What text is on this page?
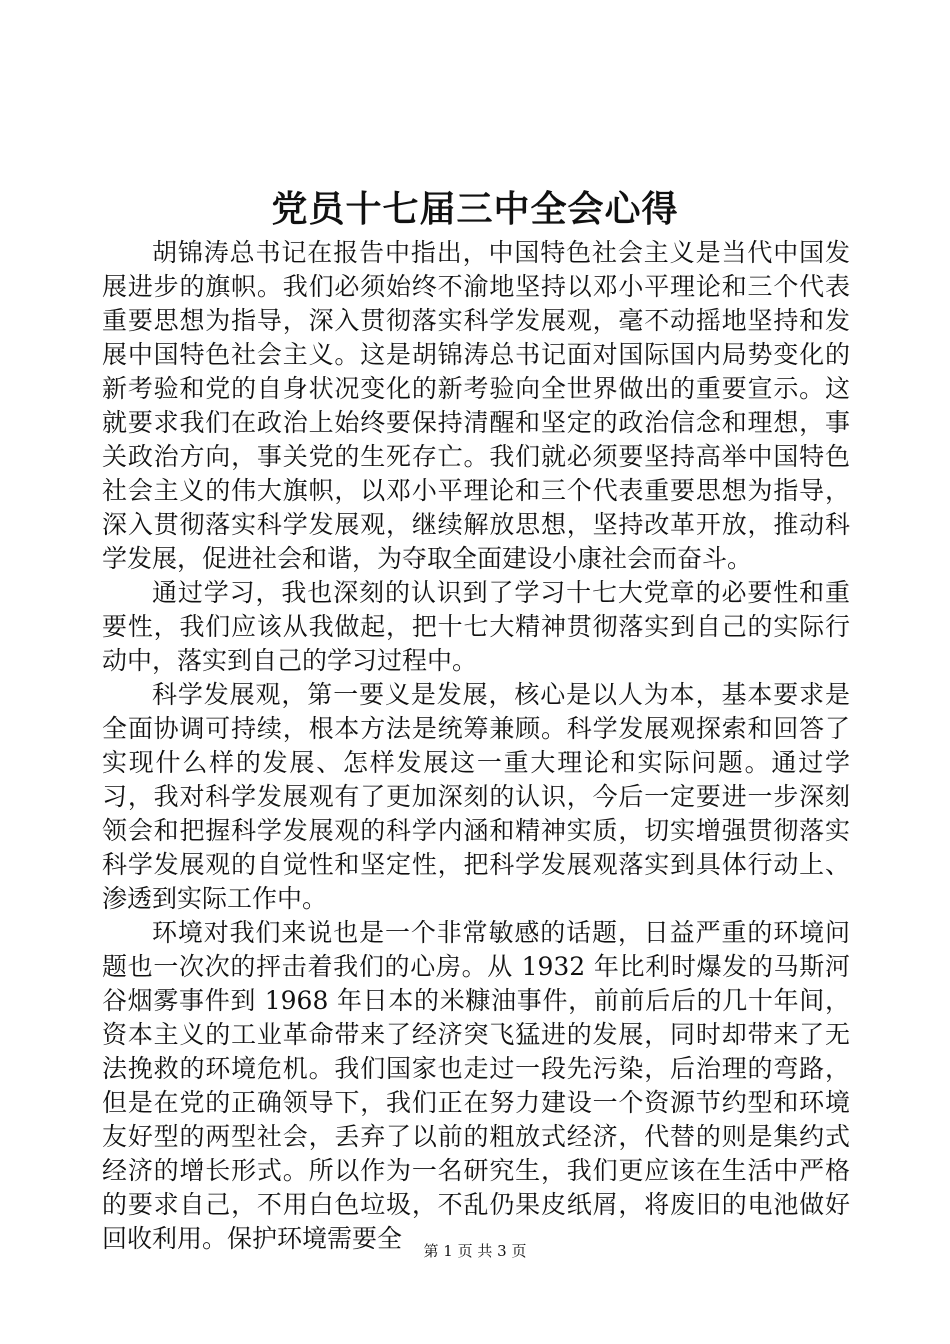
党员十七届三中全会心得

胡锦涛总书记在报告中指出，中国特色社会主义是当代中国发展进步的旗帜。我们必须始终不渝地坚持以邓小平理论和三个代表重要思想为指导，深入贯彻落实科学发展观，毫不动摇地坚持和发展中国特色社会主义。这是胡锦涛总书记面对国际国内局势变化的新考验和党的自身状况变化的新考验向全世界做出的重要宣示。这就要求我们在政治上始终要保持清醒和坚定的政治信念和理想，事关政治方向，事关党的生死存亡。我们就必须要坚持高举中国特色社会主义的伟大旗帜，以邓小平理论和三个代表重要思想为指导，深入贯彻落实科学发展观，继续解放思想，坚持改革开放，推动科学发展，促进社会和谐，为夺取全面建设小康社会而奋斗。

通过学习，我也深刻的认识到了学习十七大党章的必要性和重要性，我们应该从我做起，把十七大精神贯彻落实到自己的实际行动中，落实到自己的学习过程中。

科学发展观，第一要义是发展，核心是以人为本，基本要求是全面协调可持续，根本方法是统筹兼顾。科学发展观探索和回答了实现什么样的发展、怎样发展这一重大理论和实际问题。通过学习，我对科学发展观有了更加深刻的认识，今后一定要进一步深刻领会和把握科学发展观的科学内涵和精神实质，切实增强贯彻落实科学发展观的自觉性和坚定性，把科学发展观落实到具体行动上、渗透到实际工作中。

环境对我们来说也是一个非常敏感的话题，日益严重的环境问题也一次次的抨击着我们的心房。从 1932 年比利时爆发的马斯河谷烟雾事件到 1968 年日本的米糠油事件，前前后后的几十年间，资本主义的工业革命带来了经济突飞猛进的发展，同时却带来了无法挽救的环境危机。我们国家也走过一段先污染，后治理的弯路，但是在党的正确领导下，我们正在努力建设一个资源节约型和环境友好型的两型社会，丢弃了以前的粗放式经济，代替的则是集约式经济的增长形式。所以作为一名研究生，我们更应该在生活中严格的要求自己，不用白色垃圾，不乱仍果皮纸屑，将废旧的电池做好回收利用。保护环境需要全	第 1 页 共 3 页
